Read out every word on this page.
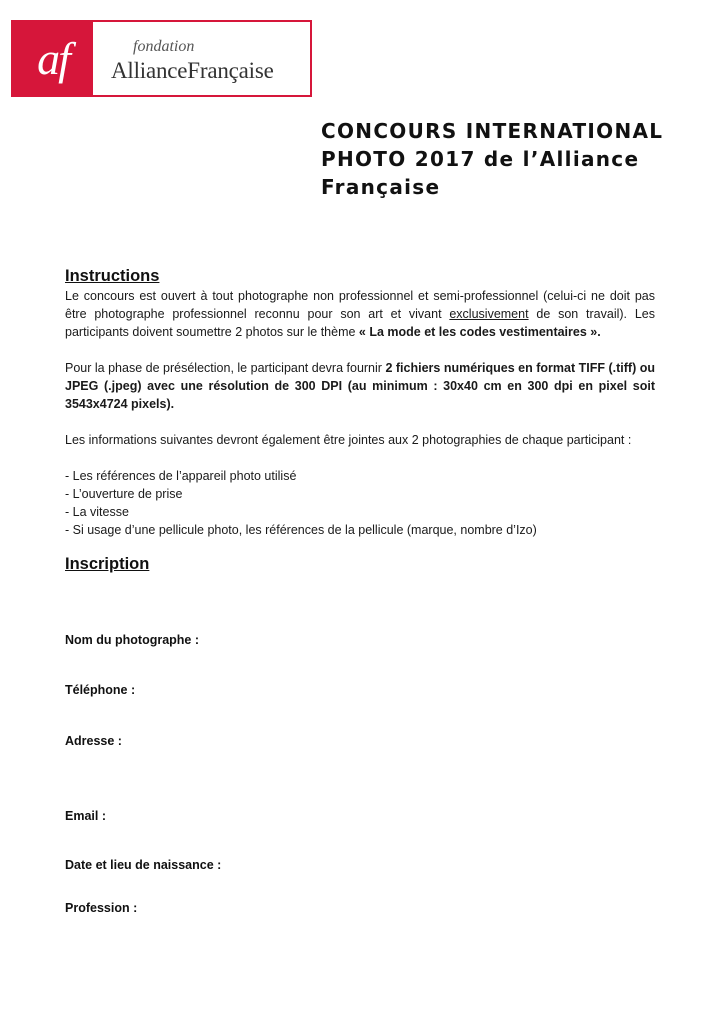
af	fondation
AllianceFrançaise
CONCOURS INTERNATIONAL PHOTO 2017 de l’Alliance Française
Instructions

Le concours est ouvert à tout photographe non professionnel et semi-professionnel (celui-ci ne doit pas être photographe professionnel reconnu pour son art et vivant exclusivement de son travail). Les participants doivent soumettre 2 photos sur le thème « La mode et les codes vestimentaires ».

Pour la phase de présélection, le participant devra fournir 2 fichiers numériques en format TIFF (.tiff) ou JPEG (.jpeg) avec une résolution de 300 DPI (au minimum : 30x40 cm en 300 dpi en pixel soit 3543x4724 pixels).

Les informations suivantes devront également être jointes aux 2 photographies de chaque participant :

- Les références de l’appareil photo utilisé
- L’ouverture de prise
- La vitesse
- Si usage d’une pellicule photo, les références de la pellicule (marque, nombre d’Izo)
Inscription
Nom du photographe :
Téléphone :
Adresse :
Email :
Date et lieu de naissance :
Profession :
